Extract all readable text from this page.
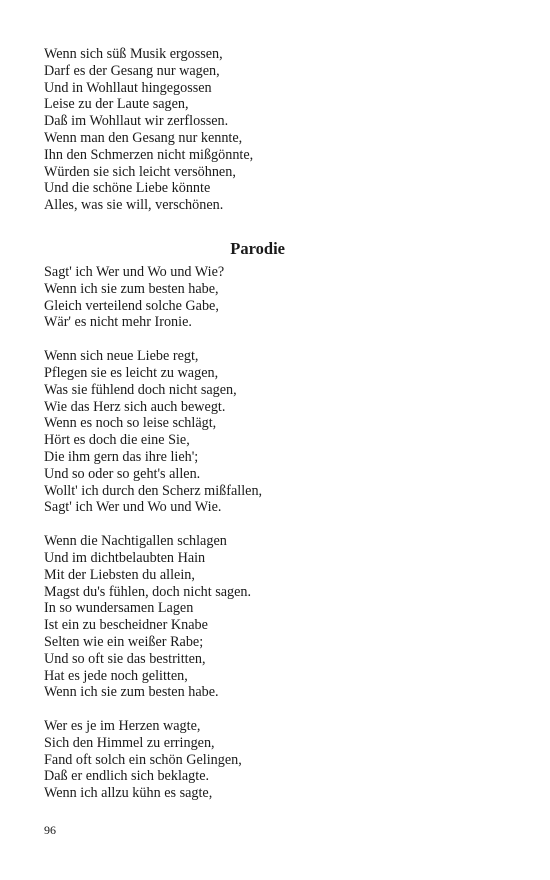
Wenn sich süß Musik ergossen,
Darf es der Gesang nur wagen,
Und in Wohllaut hingegossen
Leise zu der Laute sagen,
Daß im Wohllaut wir zerflossen.
Wenn man den Gesang nur kennte,
Ihn den Schmerzen nicht mißgönnte,
Würden sie sich leicht versöhnen,
Und die schöne Liebe könnte
Alles, was sie will, verschönen.
Parodie
Sagt' ich Wer und Wo und Wie?
Wenn ich sie zum besten habe,
Gleich verteilend solche Gabe,
Wär' es nicht mehr Ironie.
Wenn sich neue Liebe regt,
Pflegen sie es leicht zu wagen,
Was sie fühlend doch nicht sagen,
Wie das Herz sich auch bewegt.
Wenn es noch so leise schlägt,
Hört es doch die eine Sie,
Die ihm gern das ihre lieh';
Und so oder so geht's allen.
Wollt' ich durch den Scherz mißfallen,
Sagt' ich Wer und Wo und Wie.
Wenn die Nachtigallen schlagen
Und im dichtbelaubten Hain
Mit der Liebsten du allein,
Magst du's fühlen, doch nicht sagen.
In so wundersamen Lagen
Ist ein zu bescheidner Knabe
Selten wie ein weißer Rabe;
Und so oft sie das bestritten,
Hat es jede noch gelitten,
Wenn ich sie zum besten habe.
Wer es je im Herzen wagte,
Sich den Himmel zu erringen,
Fand oft solch ein schön Gelingen,
Daß er endlich sich beklagte.
Wenn ich allzu kühn es sagte,
96
